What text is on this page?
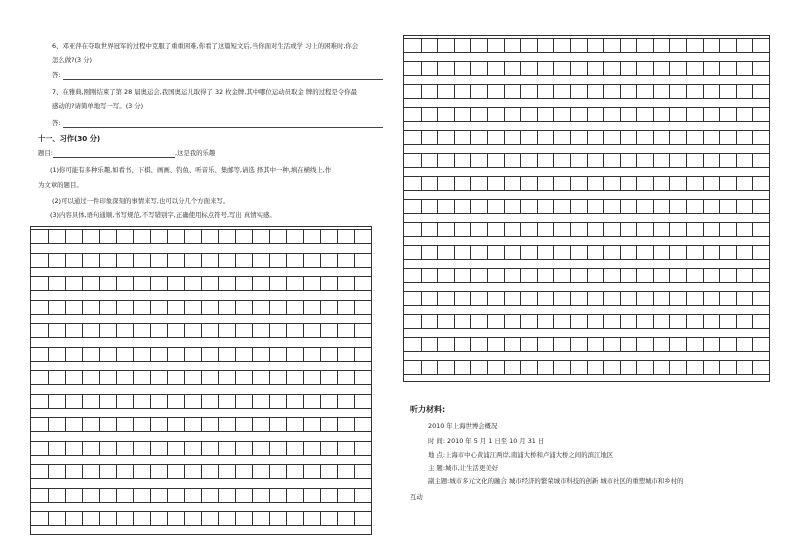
6、邓亚萍在夺取世界冠军的过程中克服了重重困难,你看了这篇短文后,当你面对生活或学 习上的困难时,你会
怎么做?(3 分)
答:
7、在雅典,刚刚结束了第 28 届奥运会,我国奥运儿取得了 32 枚金牌,其中哪位运动员取金 牌的过程是令你最
感动的?请简单地写一写。(3 分)
答:
十一、习作(30 分)
题目:	,这是我的乐趣
(1)你可能有多种乐趣,如看书、下棋、画画、钓鱼、听音乐、集邮等,请选 择其中一种,填在横线上,作
为文章的题目。
(2)可以通过一件印象深刻的事情来写,也可以分几个方面来写。
(3)内容具体,语句通顺,书写规范,不写错别字,正确使用标点符号,写出 真情实感。
听力材料:
2010 年上海世博会概况
时 间: 2010 年 5 月 1 日至 10 月 31 日
地 点:上海市中心黄浦江两岸,南浦大桥和卢浦大桥之间的滨江地区
主 题:城市,让生活更美好
副主题:城市多元文化的融合 城市经济的繁荣城市科技的创新 城市社区的重塑城市和乡村的
互动
